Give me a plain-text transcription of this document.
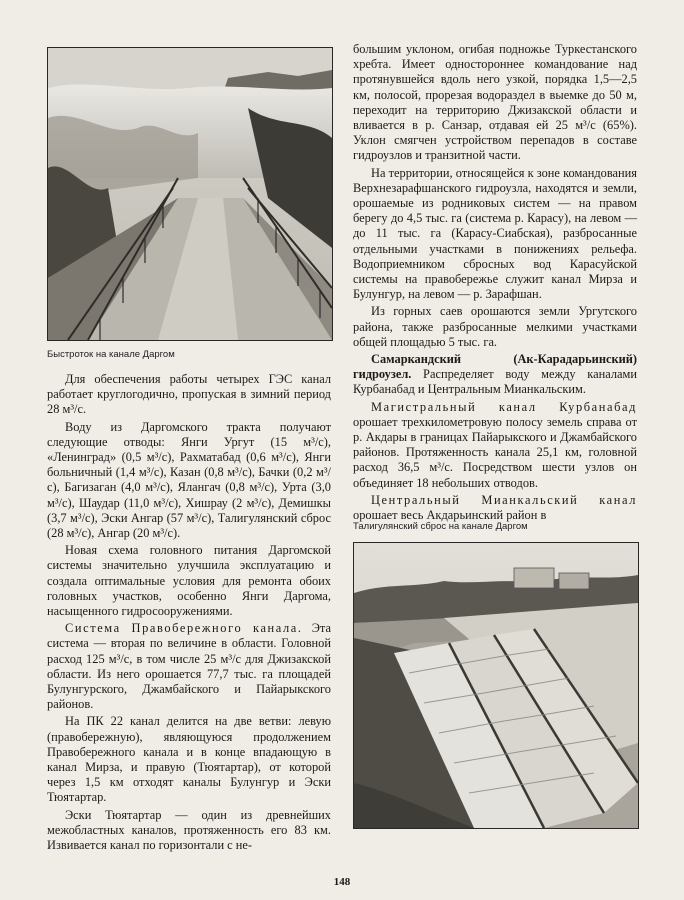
Быстроток на канале Даргом

Для обеспечения работы четырех ГЭС канал работает круглогодично, пропуская в зимний период 28 м³/с.

Воду из Даргомского тракта получают следующие отводы: Янги Ургут (15 м³/с), «Ленинград» (0,5 м³/с), Рахматабад (0,6 м³/с), Янги больничный (1,4 м³/с), Казан (0,8 м³/с), Бачки (0,2 м³/с), Багизаган (4,0 м³/с), Ялангач (0,8 м³/с), Урта (3,0 м³/с), Шаудар (11,0 м³/с), Хишрау (2 м³/с), Демишкы (3,7 м³/с), Эски Ангар (57 м³/с), Талигулянский сброс (28 м³/с), Ангар (20 м³/с).

Новая схема головного питания Даргомской системы значительно улучшила эксплуатацию и создала оптимальные условия для ремонта обоих головных участков, особенно Янги Даргома, насыщенного гидросооружениями.

Система Правобережного канала. Эта система — вторая по величине в области. Головной расход 125 м³/с, в том числе 25 м³/с для Джизакской области. Из него орошается 77,7 тыс. га площадей Булунгурского, Джамбайского и Пайарыкского районов.

На ПК 22 канал делится на две ветви: левую (правобережную), являющуюся продолжением Правобережного канала и в конце впадающую в канал Мирза, и правую (Тюятартар), от которой через 1,5 км отходят каналы Булунгур и Эски Тюятартар.

Эски Тюятартар — один из древнейших межобластных каналов, протяженность его 83 км. Извивается канал по горизонтали с не-

большим уклоном, огибая подножье Туркестанского хребта. Имеет одностороннее командование над протянувшейся вдоль него узкой, порядка 1,5—2,5 км, полосой, прорезая водораздел в выемке до 50 м, переходит на территорию Джизакской области и вливается в р. Санзар, отдавая ей 25 м³/с (65%). Уклон смягчен устройством перепадов в составе гидроузлов и транзитной части.

На территории, относящейся к зоне командования Верхнезарафшанского гидроузла, находятся и земли, орошаемые из родниковых систем — на правом берегу до 4,5 тыс. га (система р. Карасу), на левом — до 11 тыс. га (Карасу-Сиабская), разбросанные отдельными участками в понижениях рельефа. Водоприемником сбросных вод Карасуйской системы на правобережье служит канал Мирза и Булунгур, на левом — р. Зарафшан.

Из горных саев орошаются земли Ургутского района, также разбросанные мелкими участками общей площадью 5 тыс. га.

Самаркандский (Ак-Карадарьинский) гидроузел. Распределяет воду между каналами Курбанабад и Центральным Мианкальским.

Магистральный канал Курбанабад орошает трехкилометровую полосу земель справа от р. Акдары в границах Пайарыкского и Джамбайского районов. Протяженность канала 25,1 км, головной расход 36,5 м³/с. Посредством шести узлов он объединяет 18 небольших отводов.

Центральный Мианкальский канал орошает весь Акдарьинский район в

Талигулянский сброс на канале Даргом

148
